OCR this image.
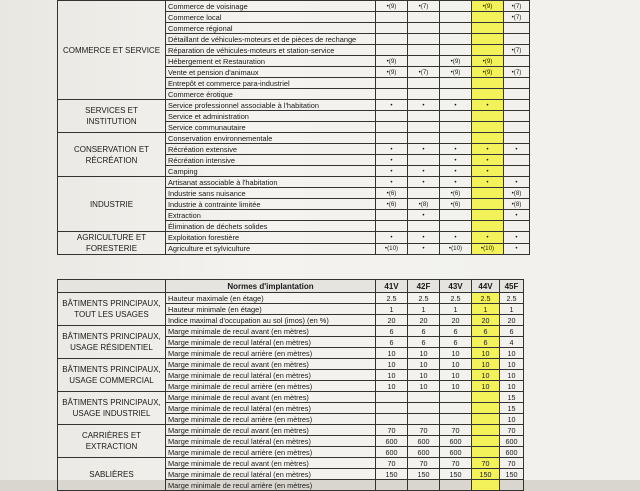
COMMERCE ET SERVICE	Commerce de voisinage	•(9)	•(7)		•(9)	•(7)
	Commerce local					•(7)
	Commerce régional					
	Détaillant de véhicules-moteurs et de pièces de rechange					
	Réparation de véhicules-moteurs et station-service					•(7)
	Hébergement et Restauration	•(9)		•(9)	•(9)	
	Vente et pension d'animaux	•(9)	•(7)	•(9)	•(9)	•(7)
	Entrepôt et commerce para-industriel					
	Commerce érotique					
SERVICES ET INSTITUTION	Service professionnel associable à l'habitation	•	•	•	•	
	Service et administration					
	Service communautaire					
CONSERVATION ET RÉCRÉATION	Conservation environnementale					
	Récréation extensive	•	•	•	•	•
	Récréation intensive	•		•	•	
	Camping	•	•	•	•	
INDUSTRIE	Artisanat associable à l'habitation	•	•	•	•	•
	Industrie sans nuisance	•(6)		•(6)		•(8)
	Industrie à contrainte limitée	•(6)	•(8)	•(6)		•(8)
	Extraction		•			•
	Élimination de déchets solides					
AGRICULTURE ET FORESTERIE	Exploitation forestière	•	•	•	•	•
	Agriculture et sylviculture	•(10)	•	•(10)	•(10)	•
	Normes d'implantation	41V	42F	43V	44V	45F
BÂTIMENTS PRINCIPAUX, TOUT LES USAGES	Hauteur maximale (en étage)	2.5	2.5	2.5	2.5	2.5
	Hauteur minimale (en étage)	1	1	1	1	1
	Indice maximal d'occupation au sol (imos) (en %)	20	20	20	20	20
BÂTIMENTS PRINCIPAUX, USAGE RÉSIDENTIEL	Marge minimale de recul avant (en mètres)	6	6	6	6	6
	Marge minimale de recul latéral (en mètres)	6	6	6	6	4
	Marge minimale de recul arrière (en mètres)	10	10	10	10	10
BÂTIMENTS PRINCIPAUX, USAGE COMMERCIAL	Marge minimale de recul avant (en mètres)	10	10	10	10	10
	Marge minimale de recul latéral (en mètres)	10	10	10	10	10
	Marge minimale de recul arrière (en mètres)	10	10	10	10	10
BÂTIMENTS PRINCIPAUX, USAGE INDUSTRIEL	Marge minimale de recul avant (en mètres)					15
	Marge minimale de recul latéral (en mètres)					15
	Marge minimale de recul arrière (en mètres)					10
CARRIÈRES ET EXTRACTION	Marge minimale de recul avant (en mètres)	70	70	70		70
	Marge minimale de recul latéral (en mètres)	600	600	600		600
	Marge minimale de recul arrière (en mètres)	600	600	600		600
SABLIÈRES	Marge minimale de recul avant (en mètres)	70	70	70	70	70
	Marge minimale de recul latéral (en mètres)	150	150	150	150	150
	Marge minimale de recul arrière (en mètres)					
